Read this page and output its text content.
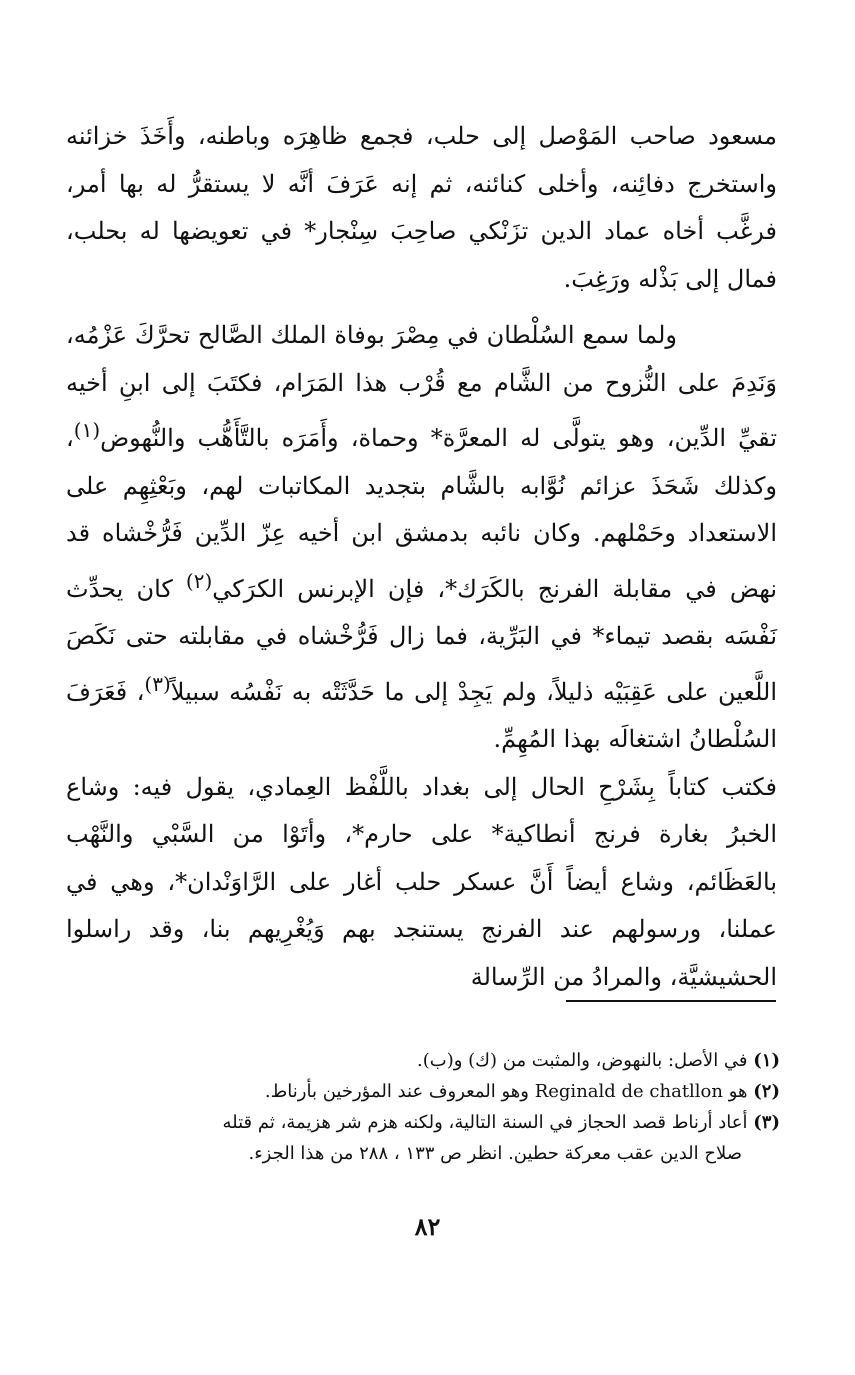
مسعود صاحب المَوْصل إلى حلب، فجمع ظاهِرَه وباطنه، وأَخَذَ خزائنه واستخرج دفائِنه، وأخلى كنائنه، ثم إنه عَرَفَ أنَّه لا يستقرُّ له بها أمر، فرغَّب أخاه عماد الدين تزَنْكي صاحِبَ سِنْجار* في تعويضها له بحلب، فمال إلى بَذْله ورَغِبَ.

ولما سمع السُلْطان في مِصْرَ بوفاة الملك الصَّالح تحرَّكَ عَزْمُه، وَنَدِمَ على النُّزوح من الشَّام مع قُرْب هذا المَرَام، فكتَبَ إلى ابنِ أخيه تقيِّ الدِّين، وهو يتولَّى له المعرَّة* وحماة، وأَمَرَه بالتَّأَهُّب والنُّهوض$^{(١)}$، وكذلك شَحَذَ عزائم نُوَّابه بالشَّام بتجديد المكاتبات لهم، وبَعْثِهِم على الاستعداد وحَمْلهم. وكان نائبه بدمشق ابن أخيه عِزّ الدِّين فَرُّخْشاه قد نهض في مقابلة الفرنج بالكَرَك*، فإن الإبرنس الكرَكي$^{(٢)}$ كان يحدِّث نَفْسَه بقصد تيماء* في البَرِّية، فما زال فَرُّخْشاه في مقابلته حتى نَكَصَ اللَّعين على عَقِبَيْه ذليلاً، ولم يَجِدْ إلى ما حَدَّثَتْه به نَفْسُه سبيلاً$^{(٣)}$، فَعَرَفَ السُلْطانُ اشتغالَه بهذا المُهِمِّ.

فكتب كتاباً بِشَرْحِ الحال إلى بغداد باللَّفْظ العِمادي، يقول فيه: وشاع الخبرُ بغارة فرنج أنطاكية* على حارم*، وأتَوْا من السَّبْي والنَّهْب بالعَظَائم، وشاع أيضاً أَنَّ عسكر حلب أغار على الرَّاوَنْدان*، وهي في عملنا، ورسولهم عند الفرنج يستنجد بهم وَيُغْرِيهم بنا، وقد راسلوا الحشيشيَّة، والمرادُ من الرِّسالة

(١) في الأصل: بالنهوض، والمثبت من (ك) و(ب).

(٢) هو Reginald de chatllon وهو المعروف عند المؤرخين بأرناط.

(٣) أعاد أرناط قصد الحجاز في السنة التالية، ولكنه هزم شر هزيمة، ثم قتله

صلاح الدين عقب معركة حطين. انظر ص ١٣٣ ، ٢٨٨ من هذا الجزء.

٨٢
